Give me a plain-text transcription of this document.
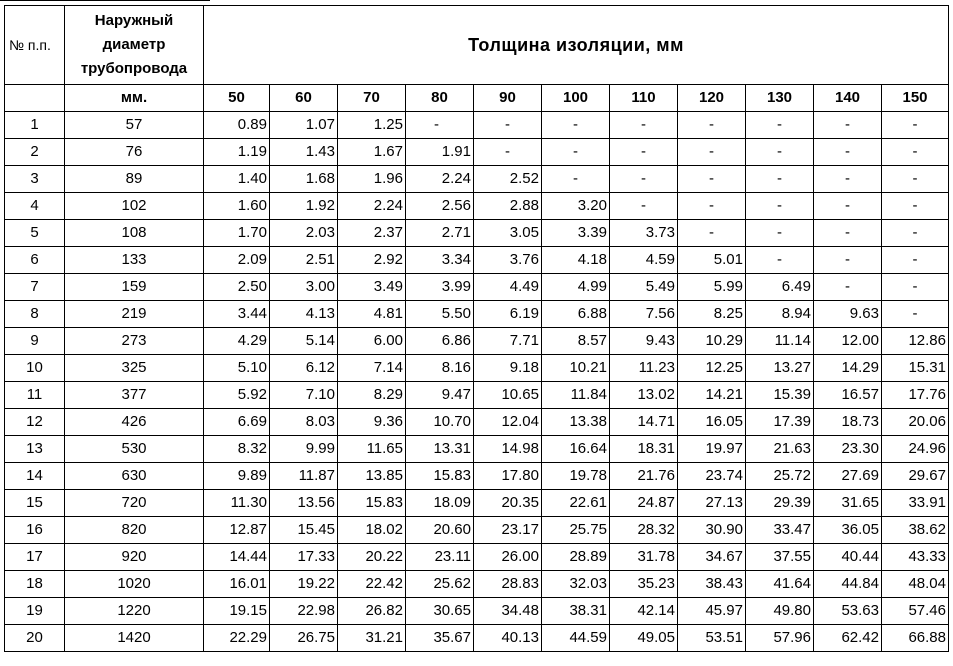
№ п.п.	Наружный диаметр трубопровода	Толщина изоляции, мм										
	мм.	50	60	70	80	90	100	110	120	130	140	150
1	57	0.89	1.07	1.25	-	-	-	-	-	-	-	-
2	76	1.19	1.43	1.67	1.91	-	-	-	-	-	-	-
3	89	1.40	1.68	1.96	2.24	2.52	-	-	-	-	-	-
4	102	1.60	1.92	2.24	2.56	2.88	3.20	-	-	-	-	-
5	108	1.70	2.03	2.37	2.71	3.05	3.39	3.73	-	-	-	-
6	133	2.09	2.51	2.92	3.34	3.76	4.18	4.59	5.01	-	-	-
7	159	2.50	3.00	3.49	3.99	4.49	4.99	5.49	5.99	6.49	-	-
8	219	3.44	4.13	4.81	5.50	6.19	6.88	7.56	8.25	8.94	9.63	-
9	273	4.29	5.14	6.00	6.86	7.71	8.57	9.43	10.29	11.14	12.00	12.86
10	325	5.10	6.12	7.14	8.16	9.18	10.21	11.23	12.25	13.27	14.29	15.31
11	377	5.92	7.10	8.29	9.47	10.65	11.84	13.02	14.21	15.39	16.57	17.76
12	426	6.69	8.03	9.36	10.70	12.04	13.38	14.71	16.05	17.39	18.73	20.06
13	530	8.32	9.99	11.65	13.31	14.98	16.64	18.31	19.97	21.63	23.30	24.96
14	630	9.89	11.87	13.85	15.83	17.80	19.78	21.76	23.74	25.72	27.69	29.67
15	720	11.30	13.56	15.83	18.09	20.35	22.61	24.87	27.13	29.39	31.65	33.91
16	820	12.87	15.45	18.02	20.60	23.17	25.75	28.32	30.90	33.47	36.05	38.62
17	920	14.44	17.33	20.22	23.11	26.00	28.89	31.78	34.67	37.55	40.44	43.33
18	1020	16.01	19.22	22.42	25.62	28.83	32.03	35.23	38.43	41.64	44.84	48.04
19	1220	19.15	22.98	26.82	30.65	34.48	38.31	42.14	45.97	49.80	53.63	57.46
20	1420	22.29	26.75	31.21	35.67	40.13	44.59	49.05	53.51	57.96	62.42	66.88
